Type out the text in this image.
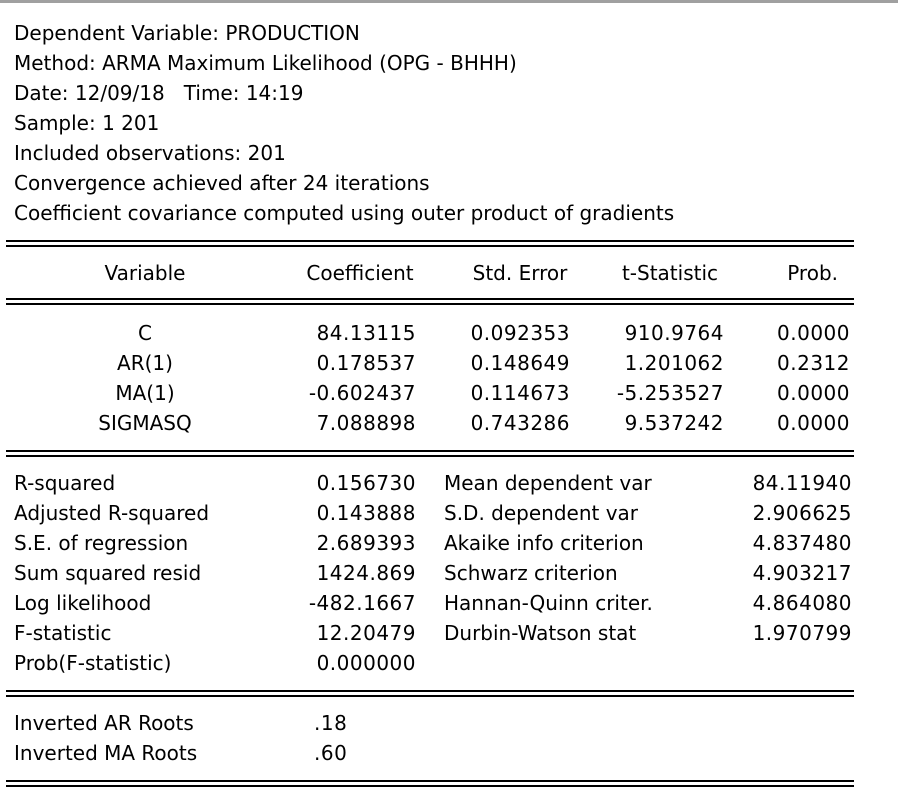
Dependent Variable: PRODUCTION
Method: ARMA Maximum Likelihood (OPG - BHHH)
Date: 12/09/18   Time: 14:19
Sample: 1 201
Included observations: 201
Convergence achieved after 24 iterations
Coefficient covariance computed using outer product of gradients
Variable	Coefficient	Std. Error	t-Statistic	Prob.
C	84.13115	0.092353	910.9764	0.0000
AR(1)	0.178537	0.148649	1.201062	0.2312
MA(1)	-0.602437	0.114673	-5.253527	0.0000
SIGMASQ	7.088898	0.743286	9.537242	0.0000
R-squared	0.156730 Mean dependent var	84.11940
Adjusted R-squared	0.143888 S.D. dependent var	2.906625
S.E. of regression	2.689393 Akaike info criterion	4.837480
Sum squared resid	1424.869 Schwarz criterion	4.903217
Log likelihood	-482.1667 Hannan-Quinn criter.	4.864080
F-statistic	12.20479 Durbin-Watson stat	1.970799
Prob(F-statistic)	0.000000
Inverted AR Roots	.18
Inverted MA Roots	.60
